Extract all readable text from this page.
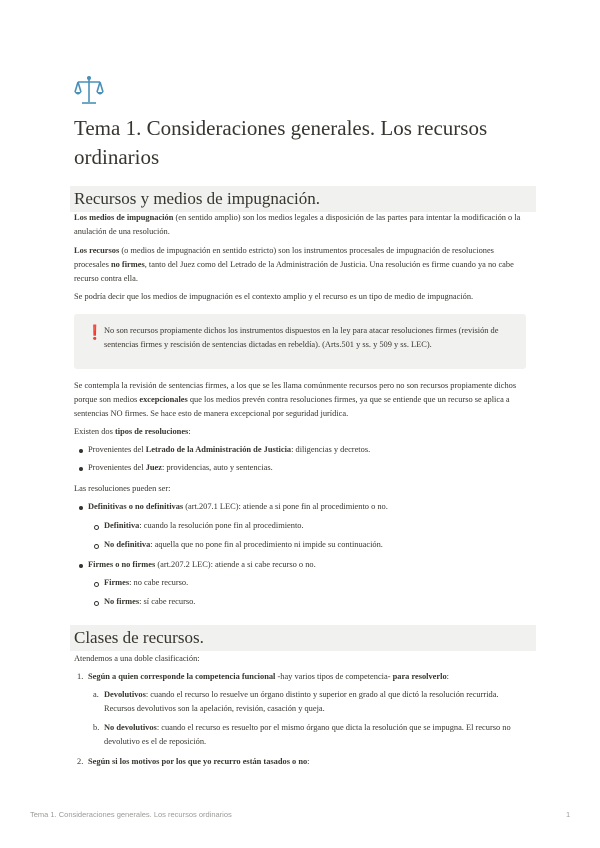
Tema 1. Consideraciones generales. Los recursos ordinarios
Recursos y medios de impugnación.

Los medios de impugnación (en sentido amplio) son los medios legales a disposición de las partes para intentar la modificación o la anulación de una resolución.

Los recursos (o medios de impugnación en sentido estricto) son los instrumentos procesales de impugnación de resoluciones procesales no firmes, tanto del Juez como del Letrado de la Administración de Justicia. Una resolución es firme cuando ya no cabe recurso contra ella.

Se podría decir que los medios de impugnación es el contexto amplio y el recurso es un tipo de medio de impugnación.

❗ No son recursos propiamente dichos los instrumentos dispuestos en la ley para atacar resoluciones firmes (revisión de sentencias firmes y rescisión de sentencias dictadas en rebeldía). (Arts.501 y ss. y 509 y ss. LEC).

Se contempla la revisión de sentencias firmes, a los que se les llama comúnmente recursos pero no son recursos propiamente dichos porque son medios excepcionales que los medios prevén contra resoluciones firmes, ya que se entiende que un recurso se aplica a sentencias NO firmes. Se hace esto de manera excepcional por seguridad jurídica.

Existen dos tipos de resoluciones:

Provenientes del Letrado de la Administración de Justicia: diligencias y decretos.

Provenientes del Juez: providencias, auto y sentencias.

Las resoluciones pueden ser:

Definitivas o no definitivas (art.207.1 LEC): atiende a si pone fin al procedimiento o no.

Definitiva: cuando la resolución pone fin al procedimiento.

No definitiva: aquella que no pone fin al procedimiento ni impide su continuación.

Firmes o no firmes (art.207.2 LEC): atiende a si cabe recurso o no.

Firmes: no cabe recurso.

No firmes: sí cabe recurso.

Clases de recursos.

Atendemos a una doble clasificación:

1. Según a quien corresponde la competencia funcional -hay varios tipos de competencia- para resolverlo:

a. Devolutivos: cuando el recurso lo resuelve un órgano distinto y superior en grado al que dictó la resolución recurrida. Recursos devolutivos son la apelación, revisión, casación y queja.

b. No devolutivos: cuando el recurso es resuelto por el mismo órgano que dicta la resolución que se impugna. El recurso no devolutivo es el de reposición.

2. Según si los motivos por los que yo recurro están tasados o no:

Tema 1. Consideraciones generales. Los recursos ordinarios	1
